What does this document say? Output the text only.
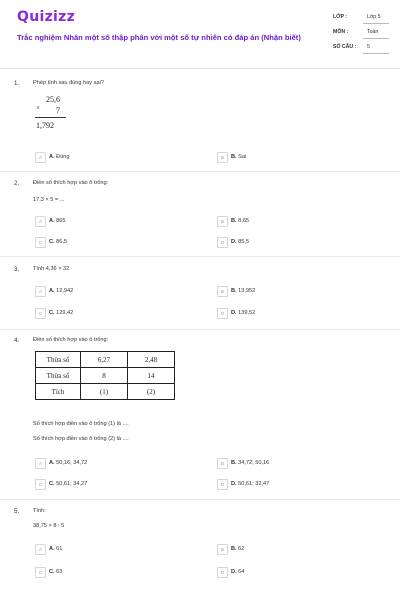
Quizizz
Trắc nghiệm Nhân một số thập phân với một số tự nhiên có đáp án (Nhận biết)
LỚP :	Lớp 5
MÔN :	Toán
SỐ CÂU : 5
1. Phép tính sau đúng hay sai?
25,6
× 7
1,792
A	A. Đúng	B	B. Sai
2. Điền số thích hợp vào ô trống:
17,3 × 5 = ...
A	A. 865	B	B. 8,65
C	C. 86,5	D	D. 85,5
3. Tính 4,36 × 32
A	A. 12,942	B	B. 13,952
C	C. 129,42	D	D. 139,52
4. Điền số thích hợp vào ô trống:
Thừa số	6,27	2,48
Thừa số	8	14
Tích	(1)	(2)
Số thích hợp điền vào ô trống (1) là ....
Số thích hợp điền vào ô trống (2) là ....
A	A. 50,16; 34,72	B	B. 34,72; 50,16
C	C. 50,61; 34,27	D	D. 50,61; 32,47
5. Tính:
38,75 × 8 : 5
A	A. 61	B	B. 62
C	C. 63	D	D. 64
